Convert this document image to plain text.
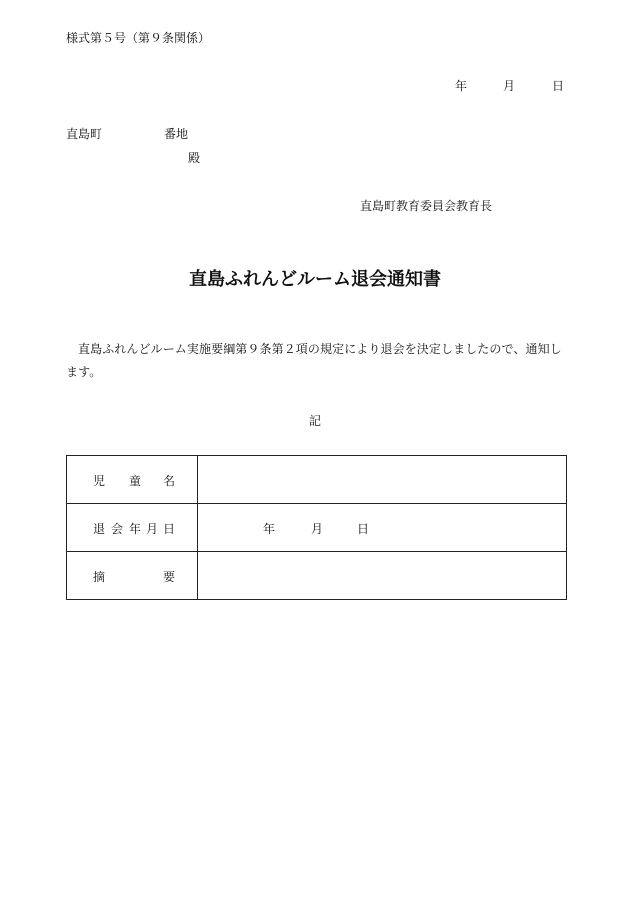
様式第５号（第９条関係）
年	月	日
直島町	番地
殿
直島町教育委員会教育長
直島ふれんどルーム退会通知書
直島ふれんどルーム実施要綱第９条第２項の規定により退会を決定しましたので、通知します。
記
児 童 名	

退 会 年 月 日	年 月 日

摘 要	
